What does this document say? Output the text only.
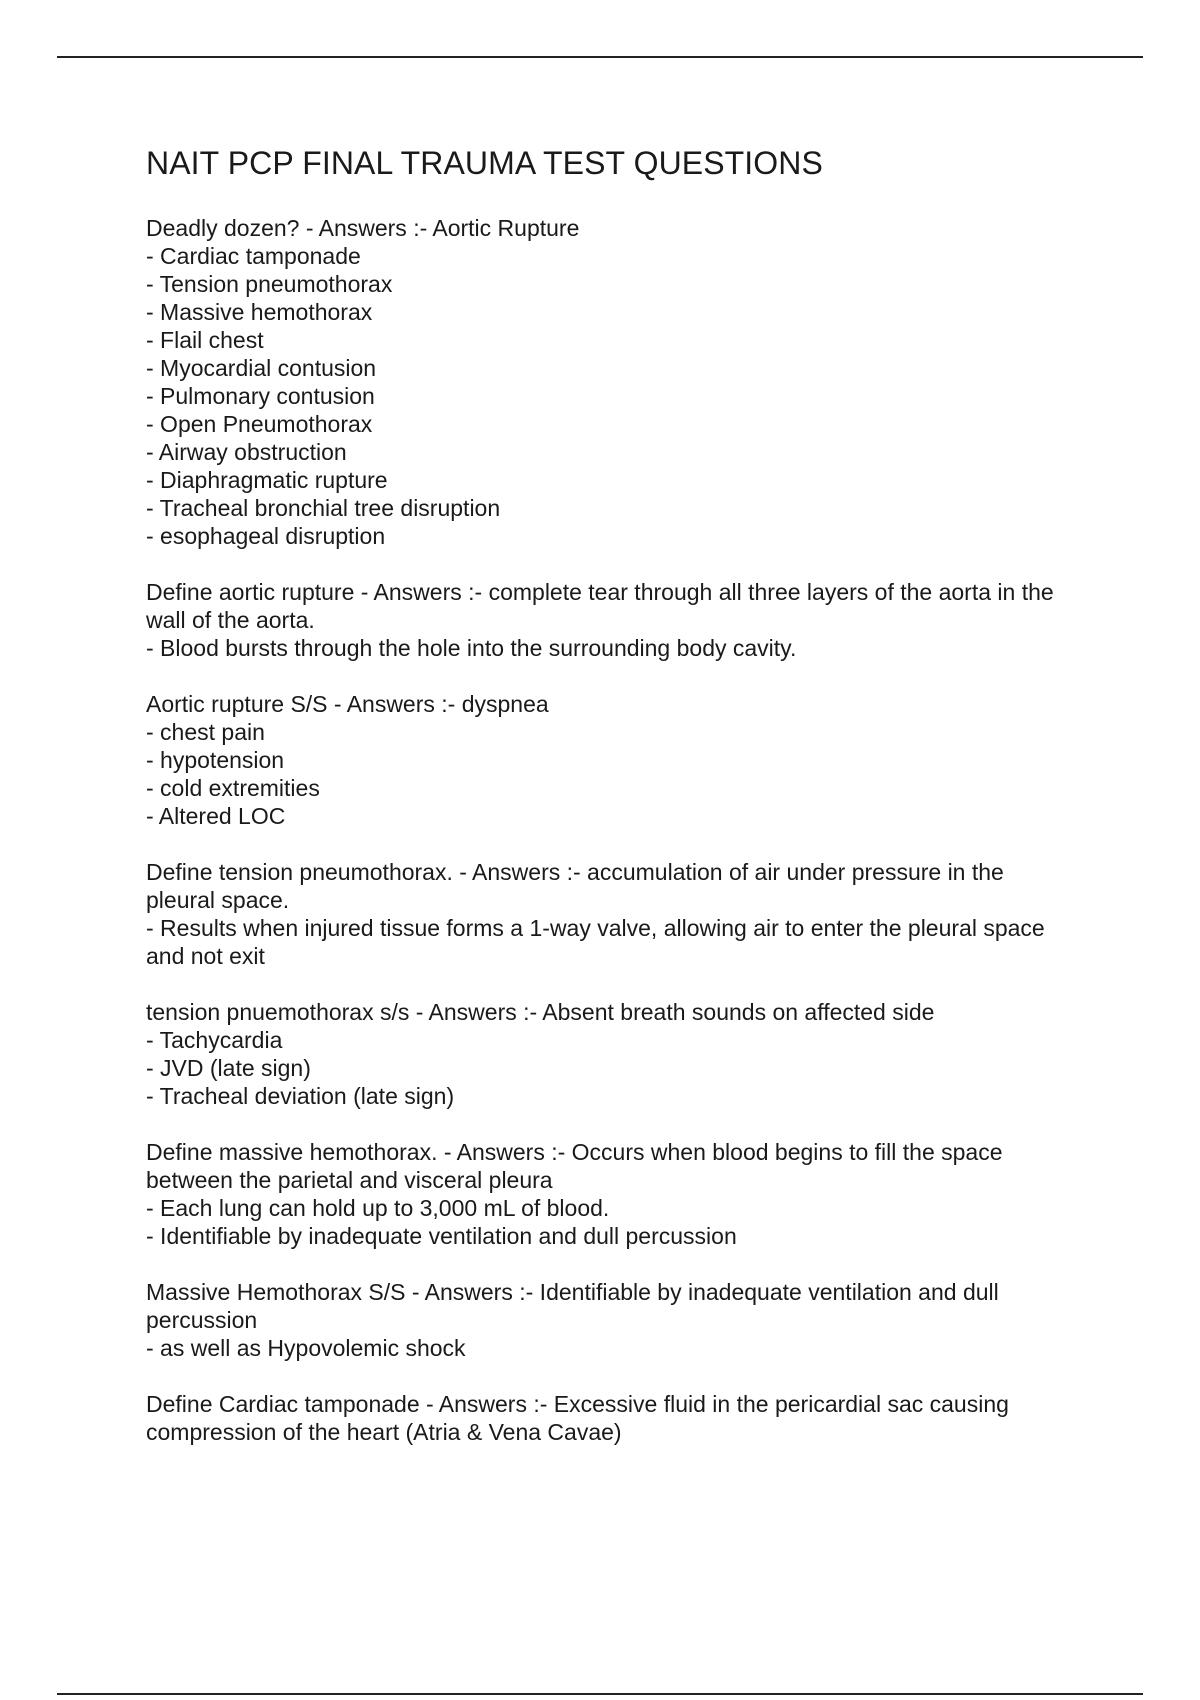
NAIT PCP FINAL TRAUMA TEST QUESTIONS
Deadly dozen? - Answers :- Aortic Rupture
- Cardiac tamponade
- Tension pneumothorax
- Massive hemothorax
- Flail chest
- Myocardial contusion
- Pulmonary contusion
- Open Pneumothorax
- Airway obstruction
- Diaphragmatic rupture
- Tracheal bronchial tree disruption
- esophageal disruption
Define aortic rupture - Answers :- complete tear through all three layers of the aorta in the wall of the aorta.
- Blood bursts through the hole into the surrounding body cavity.
Aortic rupture S/S - Answers :- dyspnea
- chest pain
- hypotension
- cold extremities
- Altered LOC
Define tension pneumothorax. - Answers :- accumulation of air under pressure in the pleural space.
- Results when injured tissue forms a 1-way valve, allowing air to enter the pleural space and not exit
tension pnuemothorax s/s - Answers :- Absent breath sounds on affected side
- Tachycardia
- JVD (late sign)
- Tracheal deviation (late sign)
Define massive hemothorax. - Answers :- Occurs when blood begins to fill the space between the parietal and visceral pleura
- Each lung can hold up to 3,000 mL of blood.
- Identifiable by inadequate ventilation and dull percussion
Massive Hemothorax S/S - Answers :- Identifiable by inadequate ventilation and dull percussion
- as well as Hypovolemic shock
Define Cardiac tamponade - Answers :- Excessive fluid in the pericardial sac causing compression of the heart (Atria & Vena Cavae)
